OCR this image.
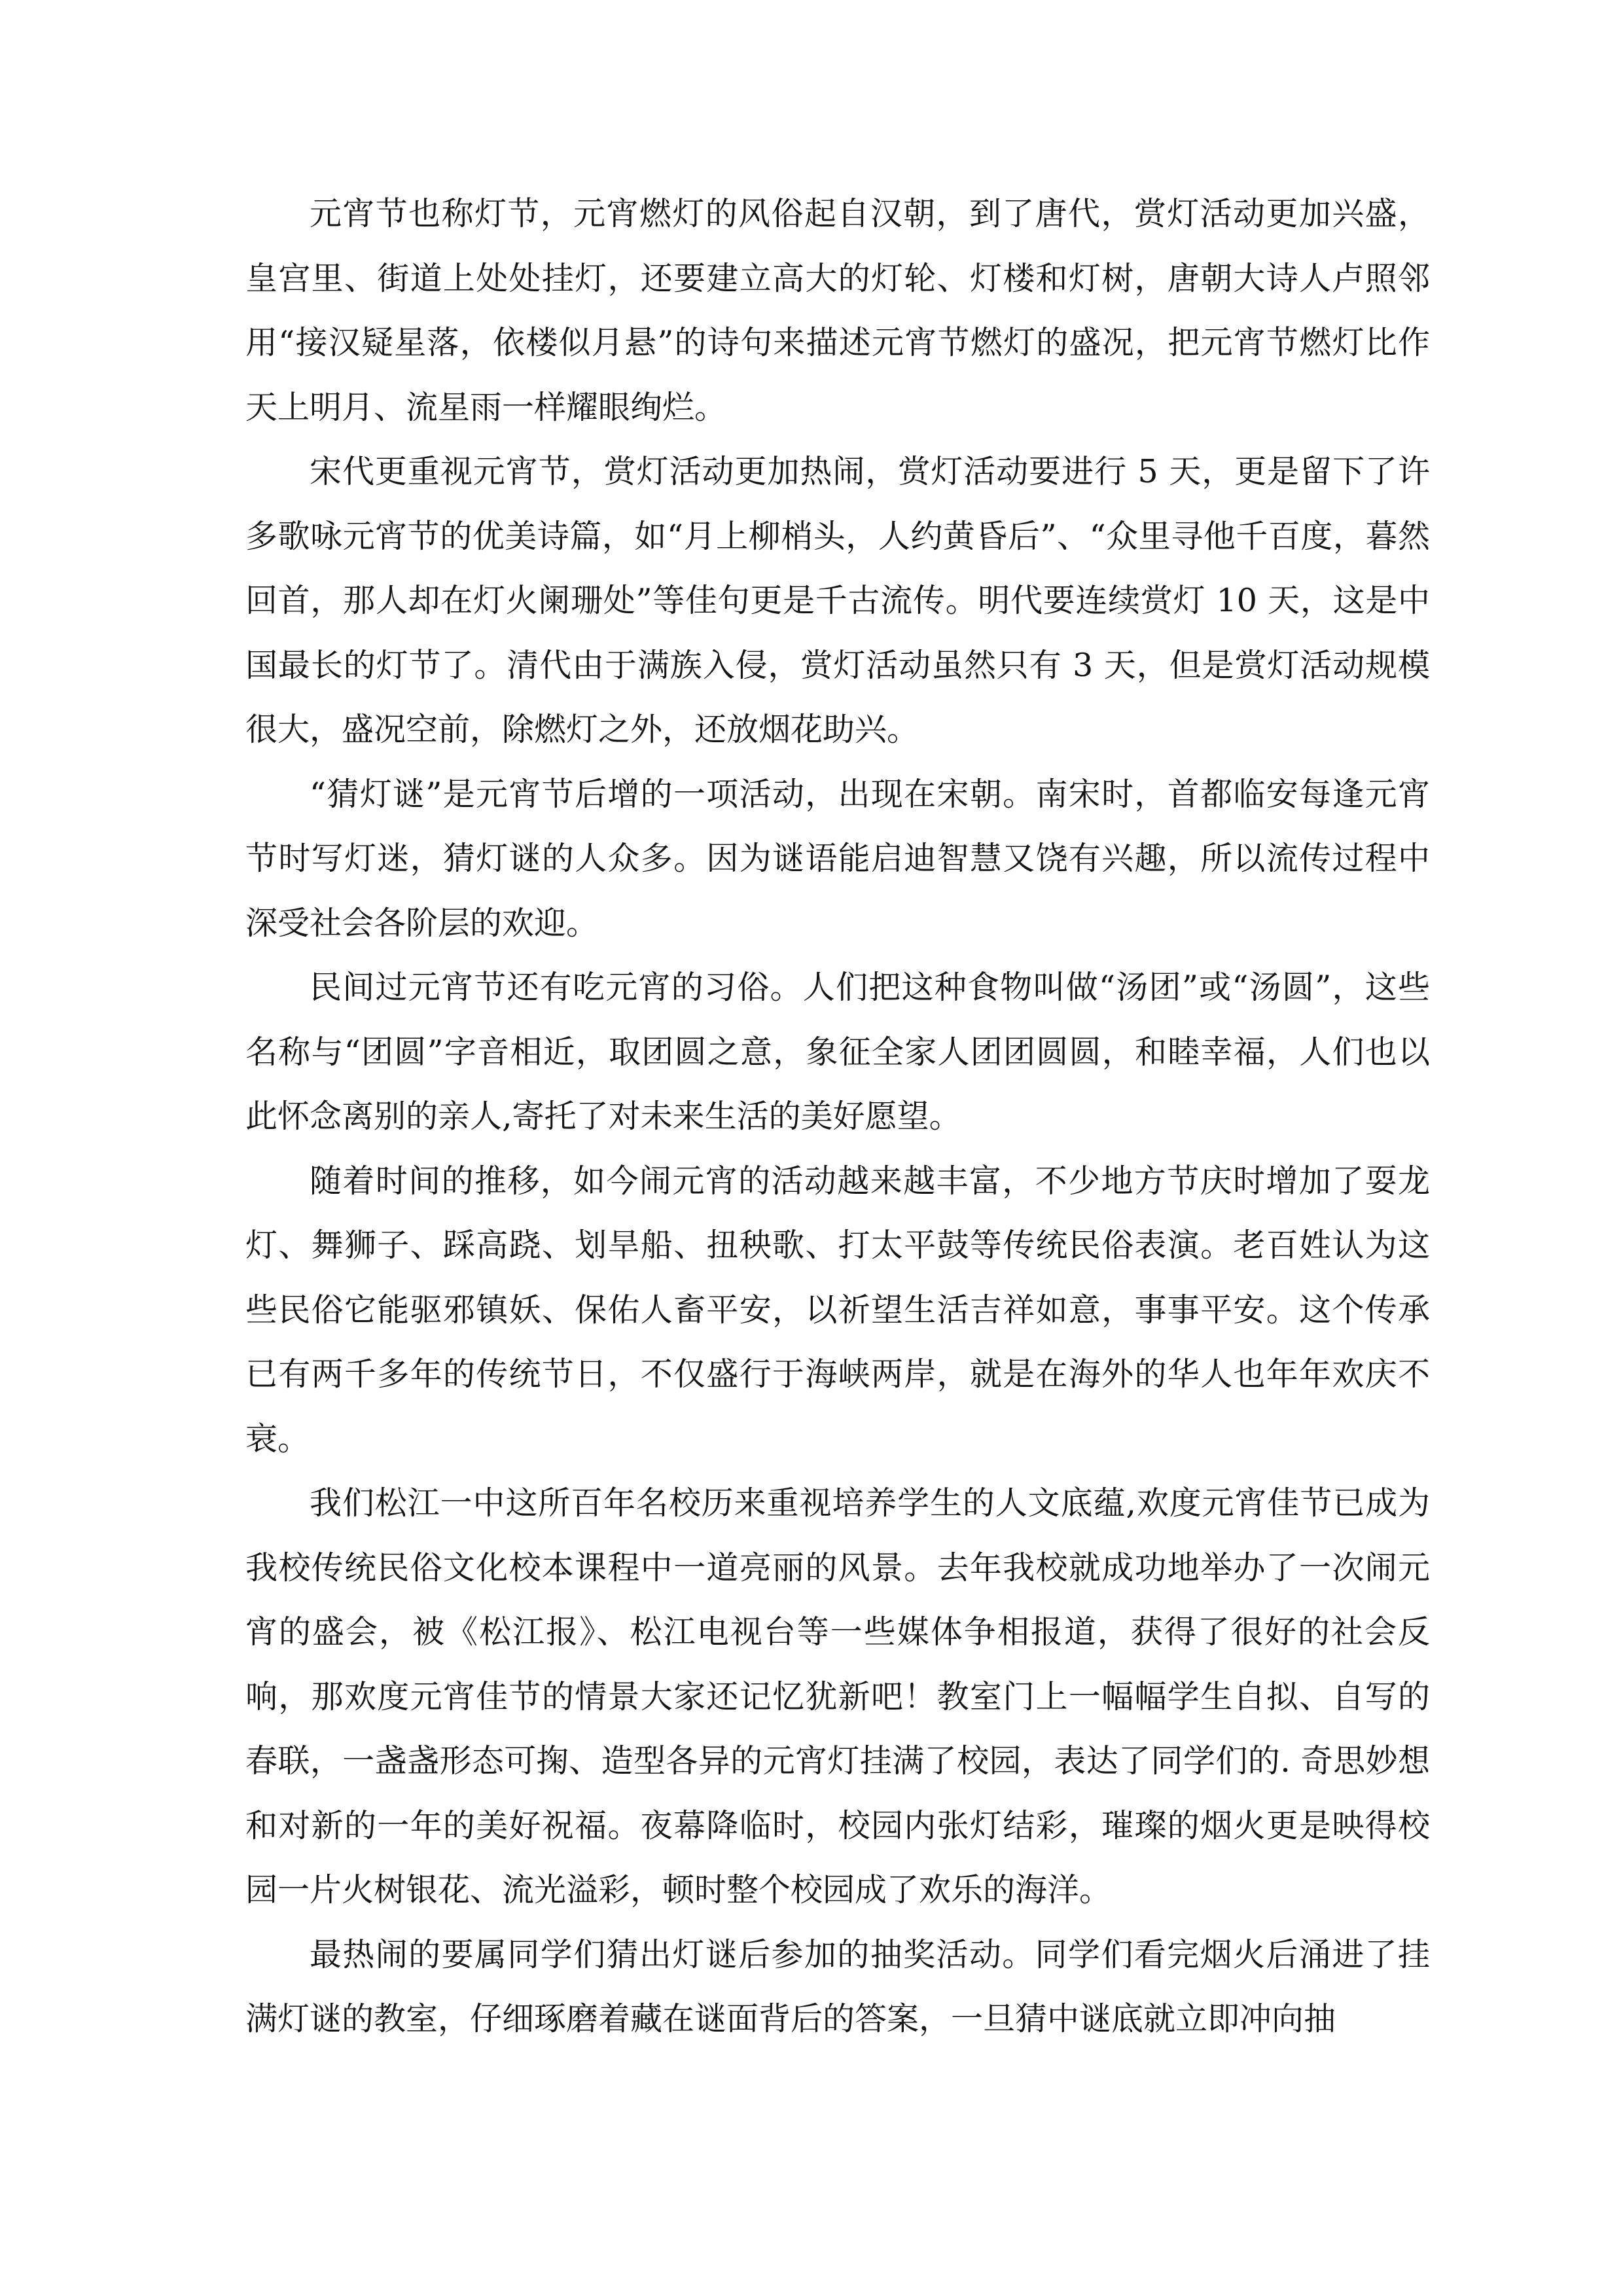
元宵节也称灯节，元宵燃灯的风俗起自汉朝，到了唐代，赏灯活动更加兴盛，皇宫里、街道上处处挂灯，还要建立高大的灯轮、灯楼和灯树，唐朝大诗人卢照邻用“接汉疑星落，依楼似月悬”的诗句来描述元宵节燃灯的盛况，把元宵节燃灯比作天上明月、流星雨一样耀眼绚烂。

宋代更重视元宵节，赏灯活动更加热闹，赏灯活动要进行 5 天，更是留下了许多歌咏元宵节的优美诗篇，如“月上柳梢头，人约黄昏后”、“众里寻他千百度，暮然回首，那人却在灯火阑珊处”等佳句更是千古流传。明代要连续赏灯 10 天，这是中国最长的灯节了。清代由于满族入侵，赏灯活动虽然只有 3 天，但是赏灯活动规模很大，盛况空前，除燃灯之外，还放烟花助兴。

“猜灯谜”是元宵节后增的一项活动，出现在宋朝。南宋时，首都临安每逢元宵节时写灯迷，猜灯谜的人众多。因为谜语能启迪智慧又饶有兴趣，所以流传过程中深受社会各阶层的欢迎。

民间过元宵节还有吃元宵的习俗。人们把这种食物叫做“汤团”或“汤圆”，这些名称与“团圆”字音相近，取团圆之意，象征全家人团团圆圆，和睦幸福，人们也以此怀念离别的亲人,寄托了对未来生活的美好愿望。

随着时间的推移，如今闹元宵的活动越来越丰富，不少地方节庆时增加了耍龙灯、舞狮子、踩高跷、划旱船、扭秧歌、打太平鼓等传统民俗表演。老百姓认为这些民俗它能驱邪镇妖、保佑人畜平安，以祈望生活吉祥如意，事事平安。这个传承已有两千多年的传统节日，不仅盛行于海峡两岸，就是在海外的华人也年年欢庆不衰。

我们松江一中这所百年名校历来重视培养学生的人文底蕴,欢度元宵佳节已成为我校传统民俗文化校本课程中一道亮丽的风景。去年我校就成功地举办了一次闹元宵的盛会，被《松江报》、松江电视台等一些媒体争相报道，获得了很好的社会反响，那欢度元宵佳节的情景大家还记忆犹新吧！教室门上一幅幅学生自拟、自写的春联，一盏盏形态可掬、造型各异的元宵灯挂满了校园，表达了同学们的. 奇思妙想和对新的一年的美好祝福。夜幕降临时，校园内张灯结彩，璀璨的烟火更是映得校园一片火树银花、流光溢彩，顿时整个校园成了欢乐的海洋。

最热闹的要属同学们猜出灯谜后参加的抽奖活动。同学们看完烟火后涌进了挂满灯谜的教室，仔细琢磨着藏在谜面背后的答案，一旦猜中谜底就立即冲向抽
